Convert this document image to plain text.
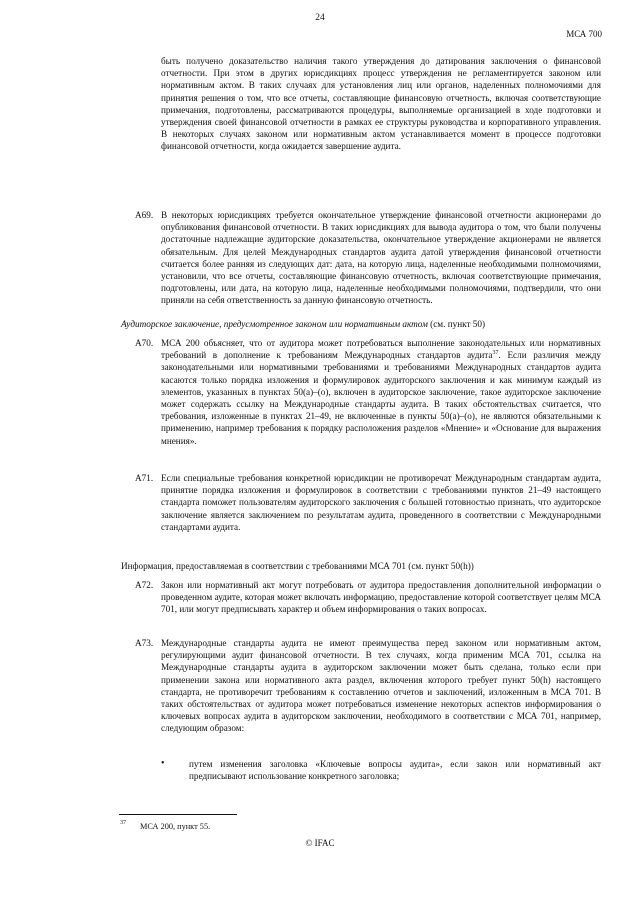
24
МСА 700

быть получено доказательство наличия такого утверждения до датирования заключения о финансовой отчетности. При этом в других юрисдикциях процесс утверждения не регламентируется законом или нормативным актом. В таких случаях для установления лиц или органов, наделенных полномочиями для принятия решения о том, что все отчеты, составляющие финансовую отчетность, включая соответствующие примечания, подготовлены, рассматриваются процедуры, выполняемые организацией в ходе подготовки и утверждения своей финансовой отчетности в рамках ее структуры руководства и корпоративного управления. В некоторых случаях законом или нормативным актом устанавливается момент в процессе подготовки финансовой отчетности, когда ожидается завершение аудита.

A69. В некоторых юрисдикциях требуется окончательное утверждение финансовой отчетности акционерами до опубликования финансовой отчетности. В таких юрисдикциях для вывода аудитора о том, что были получены достаточные надлежащие аудиторские доказательства, окончательное утверждение акционерами не является обязательным. Для целей Международных стандартов аудита датой утверждения финансовой отчетности считается более ранняя из следующих дат: дата, на которую лица, наделенные необходимыми полномочиями, установили, что все отчеты, составляющие финансовую отчетность, включая соответствующие примечания, подготовлены, или дата, на которую лица, наделенные необходимыми полномочиями, подтвердили, что они приняли на себя ответственность за данную финансовую отчетность.

Аудиторское заключение, предусмотренное законом или нормативным актом (см. пункт 50)

A70. МСА 200 объясняет, что от аудитора может потребоваться выполнение законодательных или нормативных требований в дополнение к требованиям Международных стандартов аудита$^{37}$. Если различия между законодательными или нормативными требованиями и требованиями Международных стандартов аудита касаются только порядка изложения и формулировок аудиторского заключения и как минимум каждый из элементов, указанных в пунктах 50(а)–(о), включен в аудиторское заключение, такое аудиторское заключение может содержать ссылку на Международные стандарты аудита. В таких обстоятельствах считается, что требования, изложенные в пунктах 21–49, не включенные в пункты 50(а)–(о), не являются обязательными к применению, например требования к порядку расположения разделов «Мнение» и «Основание для выражения мнения».

A71. Если специальные требования конкретной юрисдикции не противоречат Международным стандартам аудита, принятие порядка изложения и формулировок в соответствии с требованиями пунктов 21–49 настоящего стандарта поможет пользователям аудиторского заключения с большей готовностью признать, что аудиторское заключение является заключением по результатам аудита, проведенного в соответствии с Международными стандартами аудита.

Информация, предоставляемая в соответствии с требованиями МСА 701 (см. пункт 50(h))

A72. Закон или нормативный акт могут потребовать от аудитора предоставления дополнительной информации о проведенном аудите, которая может включать информацию, предоставление которой соответствует целям МСА 701, или могут предписывать характер и объем информирования о таких вопросах.

A73. Международные стандарты аудита не имеют преимущества перед законом или нормативным актом, регулирующими аудит финансовой отчетности. В тех случаях, когда применим МСА 701, ссылка на Международные стандарты аудита в аудиторском заключении может быть сделана, только если при применении закона или нормативного акта раздел, включения которого требует пункт 50(h) настоящего стандарта, не противоречит требованиям к составлению отчетов и заключений, изложенным в МСА 701. В таких обстоятельствах от аудитора может потребоваться изменение некоторых аспектов информирования о ключевых вопросах аудита в аудиторском заключении, необходимого в соответствии с МСА 701, например, следующим образом:

•	путем изменения заголовка «Ключевые вопросы аудита», если закон или нормативный акт предписывают использование конкретного заголовка;

37 МСА 200, пункт 55.
© IFAC
